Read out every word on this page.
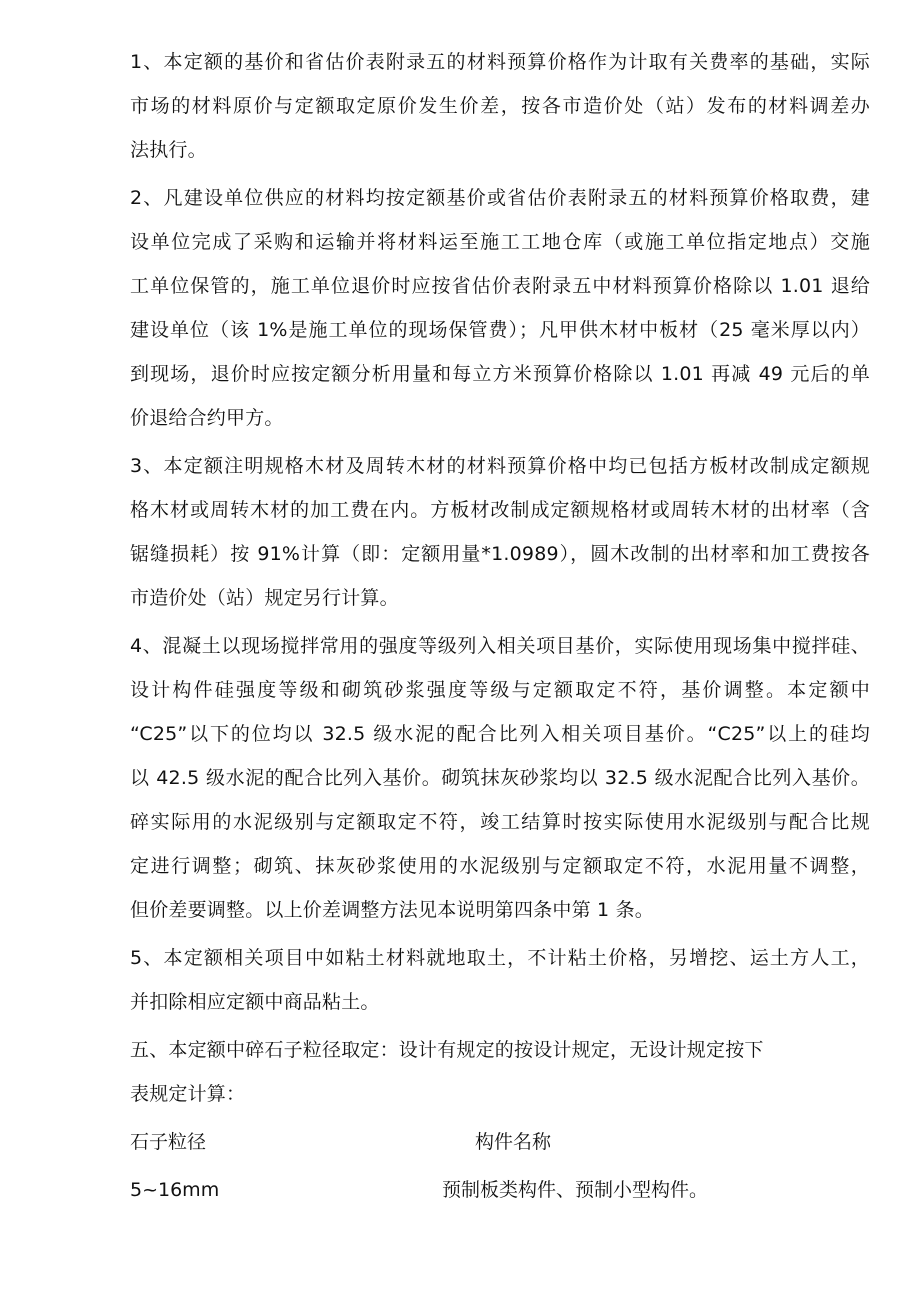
1、本定额的基价和省估价表附录五的材料预算价格作为计取有关费率的基础，实际
市场的材料原价与定额取定原价发生价差，按各市造价处（站）发布的材料调差办
法执行。
2、凡建设单位供应的材料均按定额基价或省估价表附录五的材料预算价格取费，建
设单位完成了采购和运输并将材料运至施工工地仓库（或施工单位指定地点）交施
工单位保管的，施工单位退价时应按省估价表附录五中材料预算价格除以 1.01 退给
建设单位（该 1%是施工单位的现场保管费）；凡甲供木材中板材（25 毫米厚以内）
到现场，退价时应按定额分析用量和每立方米预算价格除以 1.01 再减 49 元后的单
价退给合约甲方。
3、本定额注明规格木材及周转木材的材料预算价格中均已包括方板材改制成定额规
格木材或周转木材的加工费在内。方板材改制成定额规格材或周转木材的出材率（含
锯缝损耗）按 91%计算（即：定额用量*1.0989），圆木改制的出材率和加工费按各
市造价处（站）规定另行计算。
4、混凝土以现场搅拌常用的强度等级列入相关项目基价，实际使用现场集中搅拌硅、
设计构件硅强度等级和砌筑砂浆强度等级与定额取定不符，基价调整。本定额中
“C25”以下的位均以 32.5 级水泥的配合比列入相关项目基价。“C25”以上的硅均
以 42.5 级水泥的配合比列入基价。砌筑抹灰砂浆均以 32.5 级水泥配合比列入基价。
碎实际用的水泥级别与定额取定不符，竣工结算时按实际使用水泥级别与配合比规
定进行调整；砌筑、抹灰砂浆使用的水泥级别与定额取定不符，水泥用量不调整，
但价差要调整。以上价差调整方法见本说明第四条中第 1 条。
5、本定额相关项目中如粘土材料就地取土，不计粘土价格，另增挖、运土方人工，
并扣除相应定额中商品粘土。
五、本定额中碎石子粒径取定：设计有规定的按设计规定，无设计规定按下
表规定计算：
石子粒径	构件名称
5~16mm	预制板类构件、预制小型构件。
